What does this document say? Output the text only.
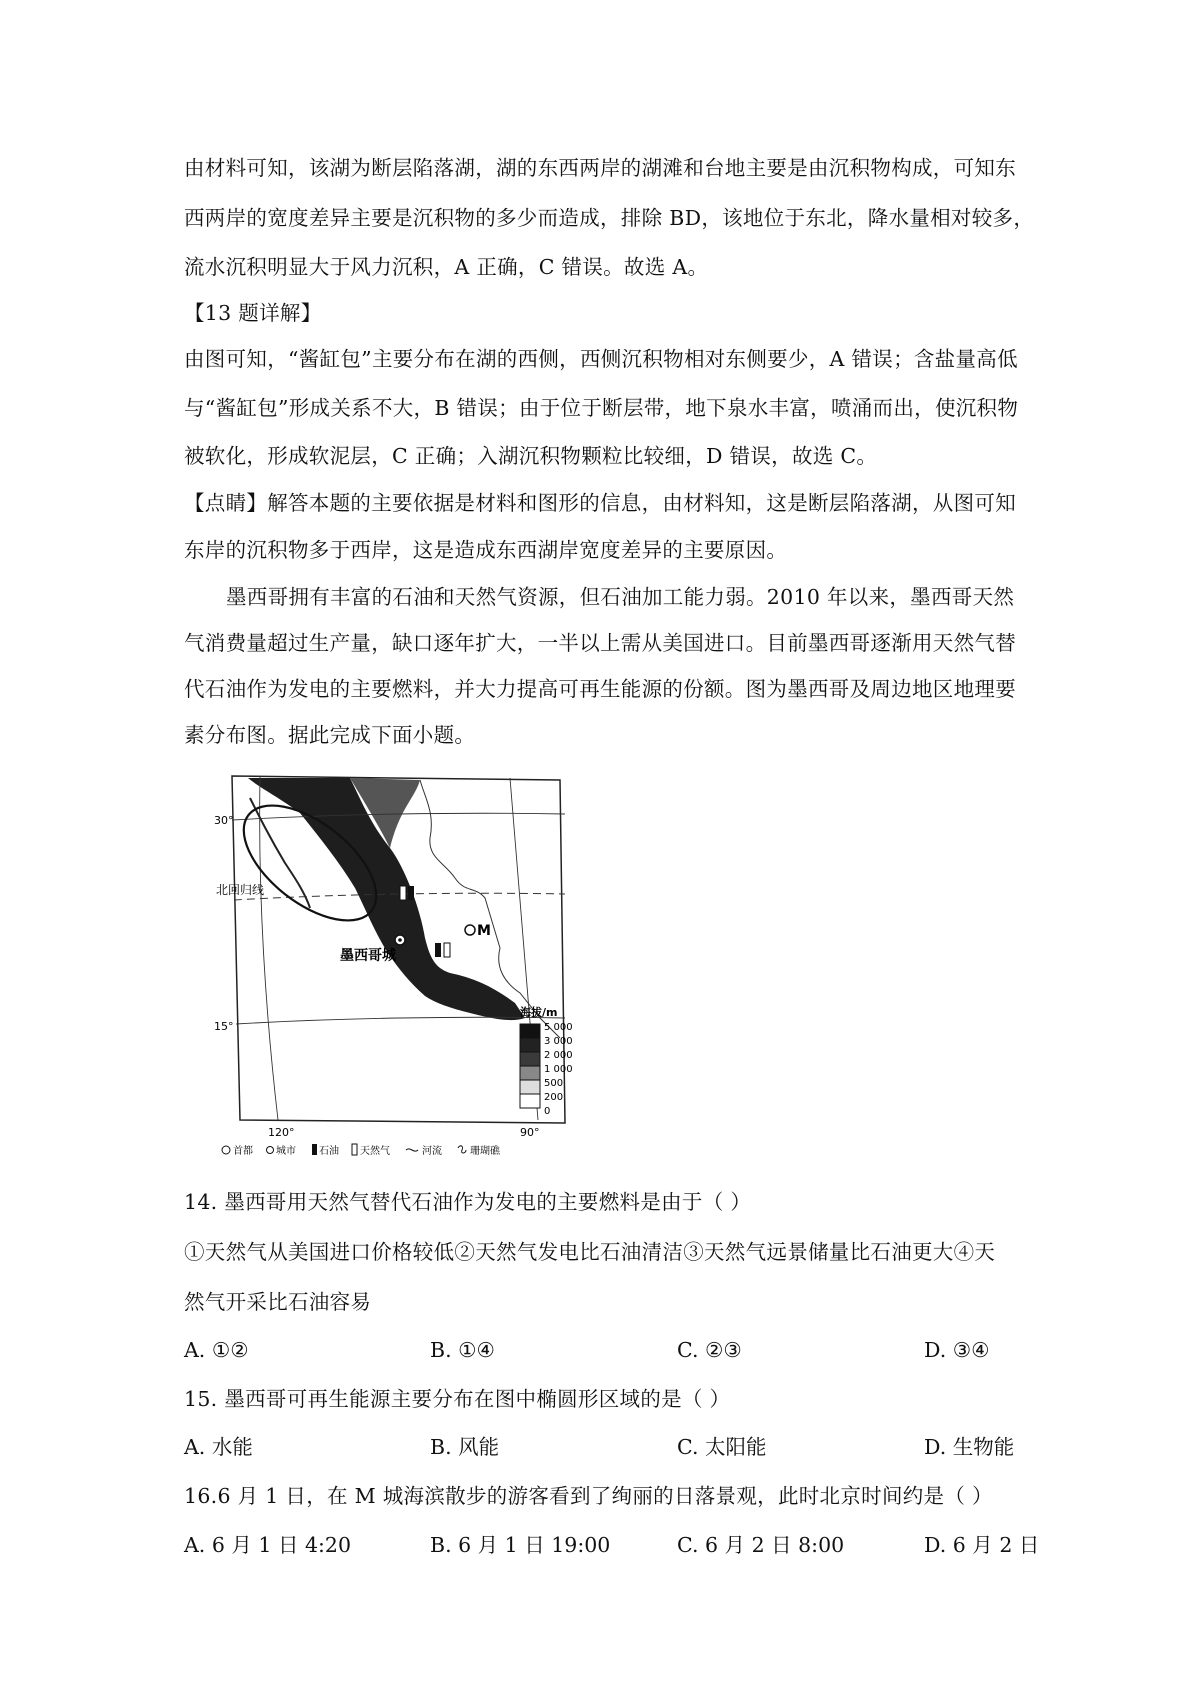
由材料可知，该湖为断层陷落湖，湖的东西两岸的湖滩和台地主要是由沉积物构成，可知东
西两岸的宽度差异主要是沉积物的多少而造成，排除 BD，该地位于东北，降水量相对较多，
流水沉积明显大于风力沉积，A 正确，C 错误。故选 A。
【13 题详解】
由图可知，“酱缸包”主要分布在湖的西侧，西侧沉积物相对东侧要少，A 错误；含盐量高低
与“酱缸包”形成关系不大，B 错误；由于位于断层带，地下泉水丰富，喷涌而出，使沉积物
被软化，形成软泥层，C 正确；入湖沉积物颗粒比较细，D 错误，故选 C。
【点睛】解答本题的主要依据是材料和图形的信息，由材料知，这是断层陷落湖，从图可知
东岸的沉积物多于西岸，这是造成东西湖岸宽度差异的主要原因。
墨西哥拥有丰富的石油和天然气资源，但石油加工能力弱。2010 年以来，墨西哥天然
气消费量超过生产量，缺口逐年扩大，一半以上需从美国进口。目前墨西哥逐渐用天然气替
代石油作为发电的主要燃料，并大力提高可再生能源的份额。图为墨西哥及周边地区地理要
素分布图。据此完成下面小题。
30°
15°
120°	90°
北回归线
M
墨西哥城
海拔/m
5 000
3 000
2 000
1 000
500
200
0
首都 城市 石油 天然气	河流	珊瑚礁
14. 墨西哥用天然气替代石油作为发电的主要燃料是由于（ ）
①天然气从美国进口价格较低②天然气发电比石油清洁③天然气远景储量比石油更大④天
然气开采比石油容易
A. ①②	B. ①④	C. ②③	D. ③④
15. 墨西哥可再生能源主要分布在图中椭圆形区域的是（ ）
A. 水能	B. 风能	C. 太阳能	D. 生物能
16.6 月 1 日，在 M 城海滨散步的游客看到了绚丽的日落景观，此时北京时间约是（ ）
A. 6 月 1 日 4:20	B. 6 月 1 日 19:00	C. 6 月 2 日 8:00	D. 6 月 2 日
